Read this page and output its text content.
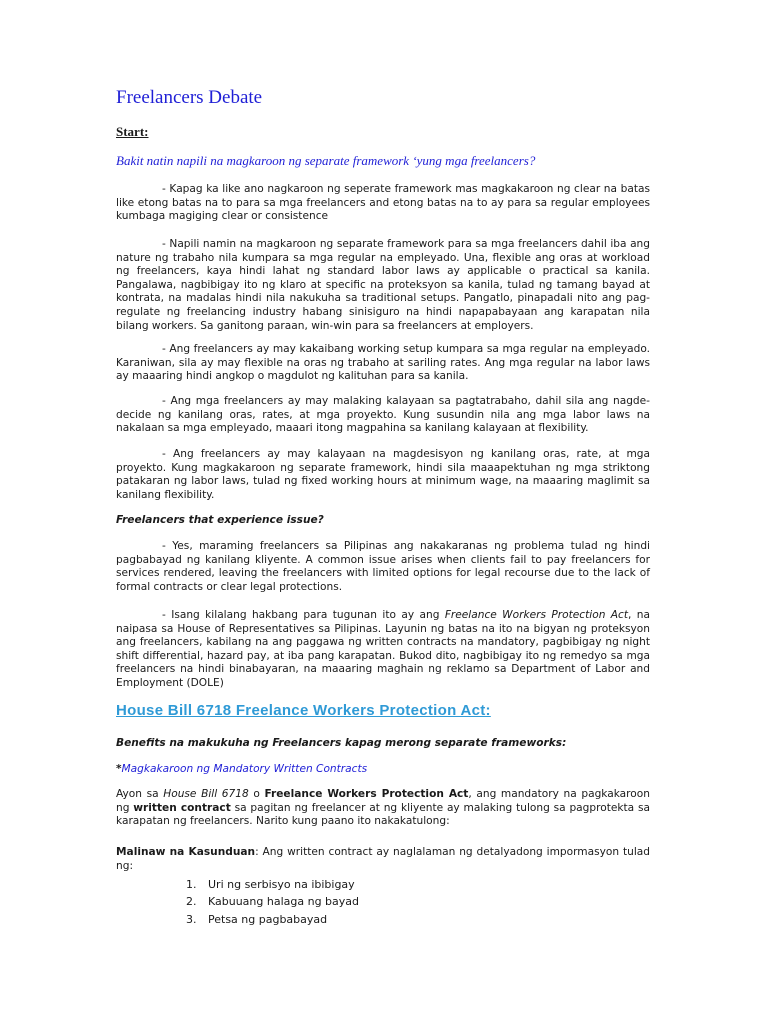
Freelancers Debate
Start:
Bakit natin napili na magkaroon ng separate framework ‘yung mga freelancers?

- Kapag ka like ano nagkaroon ng seperate framework mas magkakaroon ng clear na batas like etong batas na to para sa mga freelancers and etong batas na to ay para sa regular employees kumbaga magiging clear or consistence

- Napili namin na magkaroon ng separate framework para sa mga freelancers dahil iba ang nature ng trabaho nila kumpara sa mga regular na empleyado. Una, flexible ang oras at workload ng freelancers, kaya hindi lahat ng standard labor laws ay applicable o practical sa kanila. Pangalawa, nagbibigay ito ng klaro at specific na proteksyon sa kanila, tulad ng tamang bayad at kontrata, na madalas hindi nila nakukuha sa traditional setups. Pangatlo, pinapadali nito ang pag-regulate ng freelancing industry habang sinisiguro na hindi napapabayaan ang karapatan nila bilang workers. Sa ganitong paraan, win-win para sa freelancers at employers.

- Ang freelancers ay may kakaibang working setup kumpara sa mga regular na empleyado. Karaniwan, sila ay may flexible na oras ng trabaho at sariling rates. Ang mga regular na labor laws ay maaaring hindi angkop o magdulot ng kalituhan para sa kanila.

- Ang mga freelancers ay may malaking kalayaan sa pagtatrabaho, dahil sila ang nagde-decide ng kanilang oras, rates, at mga proyekto. Kung susundin nila ang mga labor laws na nakalaan sa mga empleyado, maaari itong magpahina sa kanilang kalayaan at flexibility.

- Ang freelancers ay may kalayaan na magdesisyon ng kanilang oras, rate, at mga proyekto. Kung magkakaroon ng separate framework, hindi sila maaapektuhan ng mga striktong patakaran ng labor laws, tulad ng fixed working hours at minimum wage, na maaaring maglimit sa kanilang flexibility.

Freelancers that experience issue?

- Yes, maraming freelancers sa Pilipinas ang nakakaranas ng problema tulad ng hindi pagbabayad ng kanilang kliyente. A common issue arises when clients fail to pay freelancers for services rendered, leaving the freelancers with limited options for legal recourse due to the lack of formal contracts or clear legal protections.

- Isang kilalang hakbang para tugunan ito ay ang Freelance Workers Protection Act, na naipasa sa House of Representatives sa Pilipinas. Layunin ng batas na ito na bigyan ng proteksyon ang freelancers, kabilang na ang paggawa ng written contracts na mandatory, pagbibigay ng night shift differential, hazard pay, at iba pang karapatan. Bukod dito, nagbibigay ito ng remedyo sa mga freelancers na hindi binabayaran, na maaaring maghain ng reklamo sa Department of Labor and Employment (DOLE)

House Bill 6718 Freelance Workers Protection Act:
Benefits na makukuha ng Freelancers kapag merong separate frameworks:
*Magkakaroon ng Mandatory Written Contracts

Ayon sa House Bill 6718 o Freelance Workers Protection Act, ang mandatory na pagkakaroon ng written contract sa pagitan ng freelancer at ng kliyente ay malaking tulong sa pagprotekta sa karapatan ng freelancers. Narito kung paano ito nakakatulong:

Malinaw na Kasunduan: Ang written contract ay naglalaman ng detalyadong impormasyon tulad ng:

1.	Uri ng serbisyo na ibibigay
2.	Kabuuang halaga ng bayad
3.	Petsa ng pagbabayad
